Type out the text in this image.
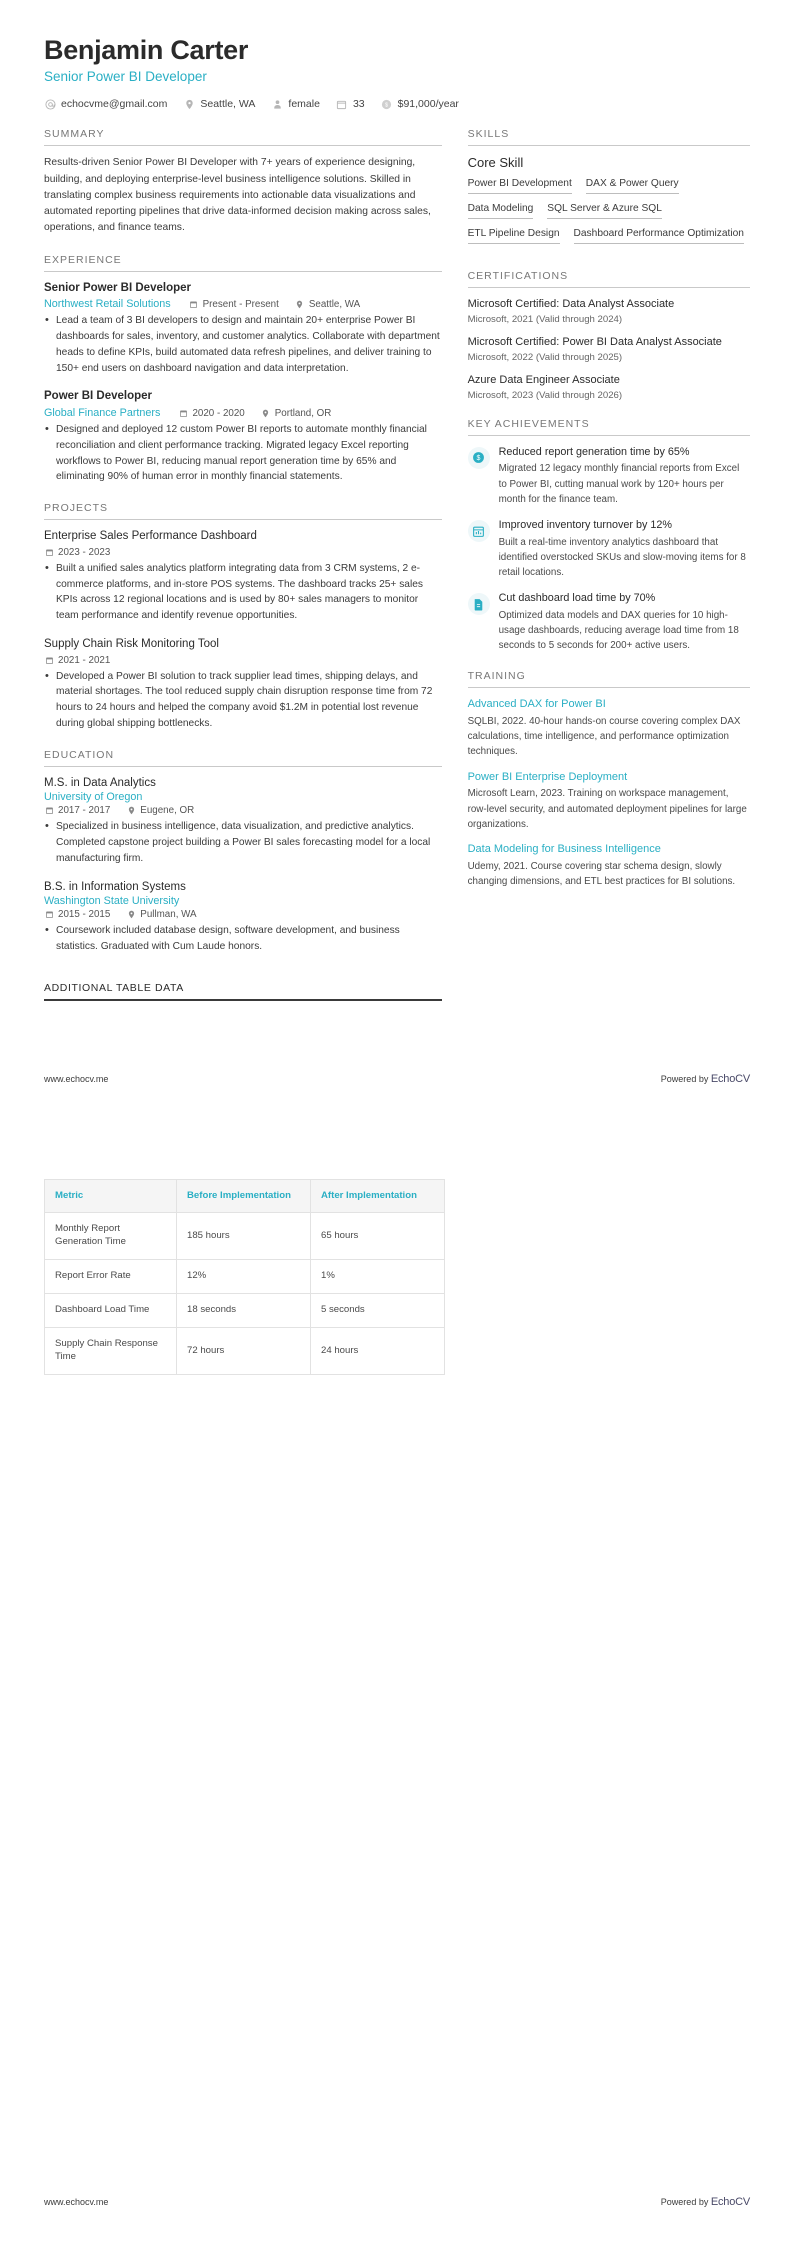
Benjamin Carter
Senior Power BI Developer
echocvme@gmail.com	Seattle, WA	female	33 $ $91,000/year
SUMMARY
Results-driven Senior Power BI Developer with 7+ years of experience designing, building, and deploying enterprise-level business intelligence solutions. Skilled in translating complex business requirements into actionable data visualizations and automated reporting pipelines that drive data-informed decision making across sales, operations, and finance teams.
EXPERIENCE
Senior Power BI Developer
Northwest Retail Solutions	Present - Present	Seattle, WA
• Lead a team of 3 BI developers to design and maintain 20+ enterprise Power BI dashboards for sales, inventory, and customer analytics. Collaborate with department heads to define KPIs, build automated data refresh pipelines, and deliver training to 150+ end users on dashboard navigation and data interpretation.
Power BI Developer
Global Finance Partners	2020 - 2020	Portland, OR
• Designed and deployed 12 custom Power BI reports to automate monthly financial reconciliation and client performance tracking. Migrated legacy Excel reporting workflows to Power BI, reducing manual report generation time by 65% and eliminating 90% of human error in monthly financial statements.
PROJECTS
Enterprise Sales Performance Dashboard
2023 - 2023
• Built a unified sales analytics platform integrating data from 3 CRM systems, 2 e-commerce platforms, and in-store POS systems. The dashboard tracks 25+ sales KPIs across 12 regional locations and is used by 80+ sales managers to monitor team performance and identify revenue opportunities.
Supply Chain Risk Monitoring Tool
2021 - 2021
• Developed a Power BI solution to track supplier lead times, shipping delays, and material shortages. The tool reduced supply chain disruption response time from 72 hours to 24 hours and helped the company avoid $1.2M in potential lost revenue during global shipping bottlenecks.
EDUCATION
M.S. in Data Analytics
University of Oregon
2017 - 2017	Eugene, OR
• Specialized in business intelligence, data visualization, and predictive analytics. Completed capstone project building a Power BI sales forecasting model for a local manufacturing firm.
B.S. in Information Systems
Washington State University
2015 - 2015	Pullman, WA
• Coursework included database design, software development, and business statistics. Graduated with Cum Laude honors.
SKILLS
Core Skill
Power BI Development DAX & Power Query
Data Modeling SQL Server & Azure SQL
ETL Pipeline Design Dashboard Performance Optimization
CERTIFICATIONS
Microsoft Certified: Data Analyst Associate
Microsoft, 2021 (Valid through 2024)
Microsoft Certified: Power BI Data Analyst Associate
Microsoft, 2022 (Valid through 2025)
Azure Data Engineer Associate
Microsoft, 2023 (Valid through 2026)
KEY ACHIEVEMENTS
$
Reduced report generation time by 65%
Migrated 12 legacy monthly financial reports from Excel to Power BI, cutting manual work by 120+ hours per month for the finance team.
Improved inventory turnover by 12%
Built a real-time inventory analytics dashboard that identified overstocked SKUs and slow-moving items for 8 retail locations.
Cut dashboard load time by 70%
Optimized data models and DAX queries for 10 high-usage dashboards, reducing average load time from 18 seconds to 5 seconds for 200+ active users.
TRAINING
Advanced DAX for Power BI
SQLBI, 2022. 40-hour hands-on course covering complex DAX calculations, time intelligence, and performance optimization techniques.
Power BI Enterprise Deployment
Microsoft Learn, 2023. Training on workspace management, row-level security, and automated deployment pipelines for large organizations.
Data Modeling for Business Intelligence
Udemy, 2021. Course covering star schema design, slowly changing dimensions, and ETL best practices for BI solutions.
ADDITIONAL TABLE DATA
www.echocv.me	Powered by EchoCV
Metric	Before Implementation	After Implementation
Monthly Report Generation Time	185 hours	65 hours
Report Error Rate	12%	1%
Dashboard Load Time	18 seconds	5 seconds
Supply Chain Response Time	72 hours	24 hours
www.echocv.me	Powered by EchoCV
